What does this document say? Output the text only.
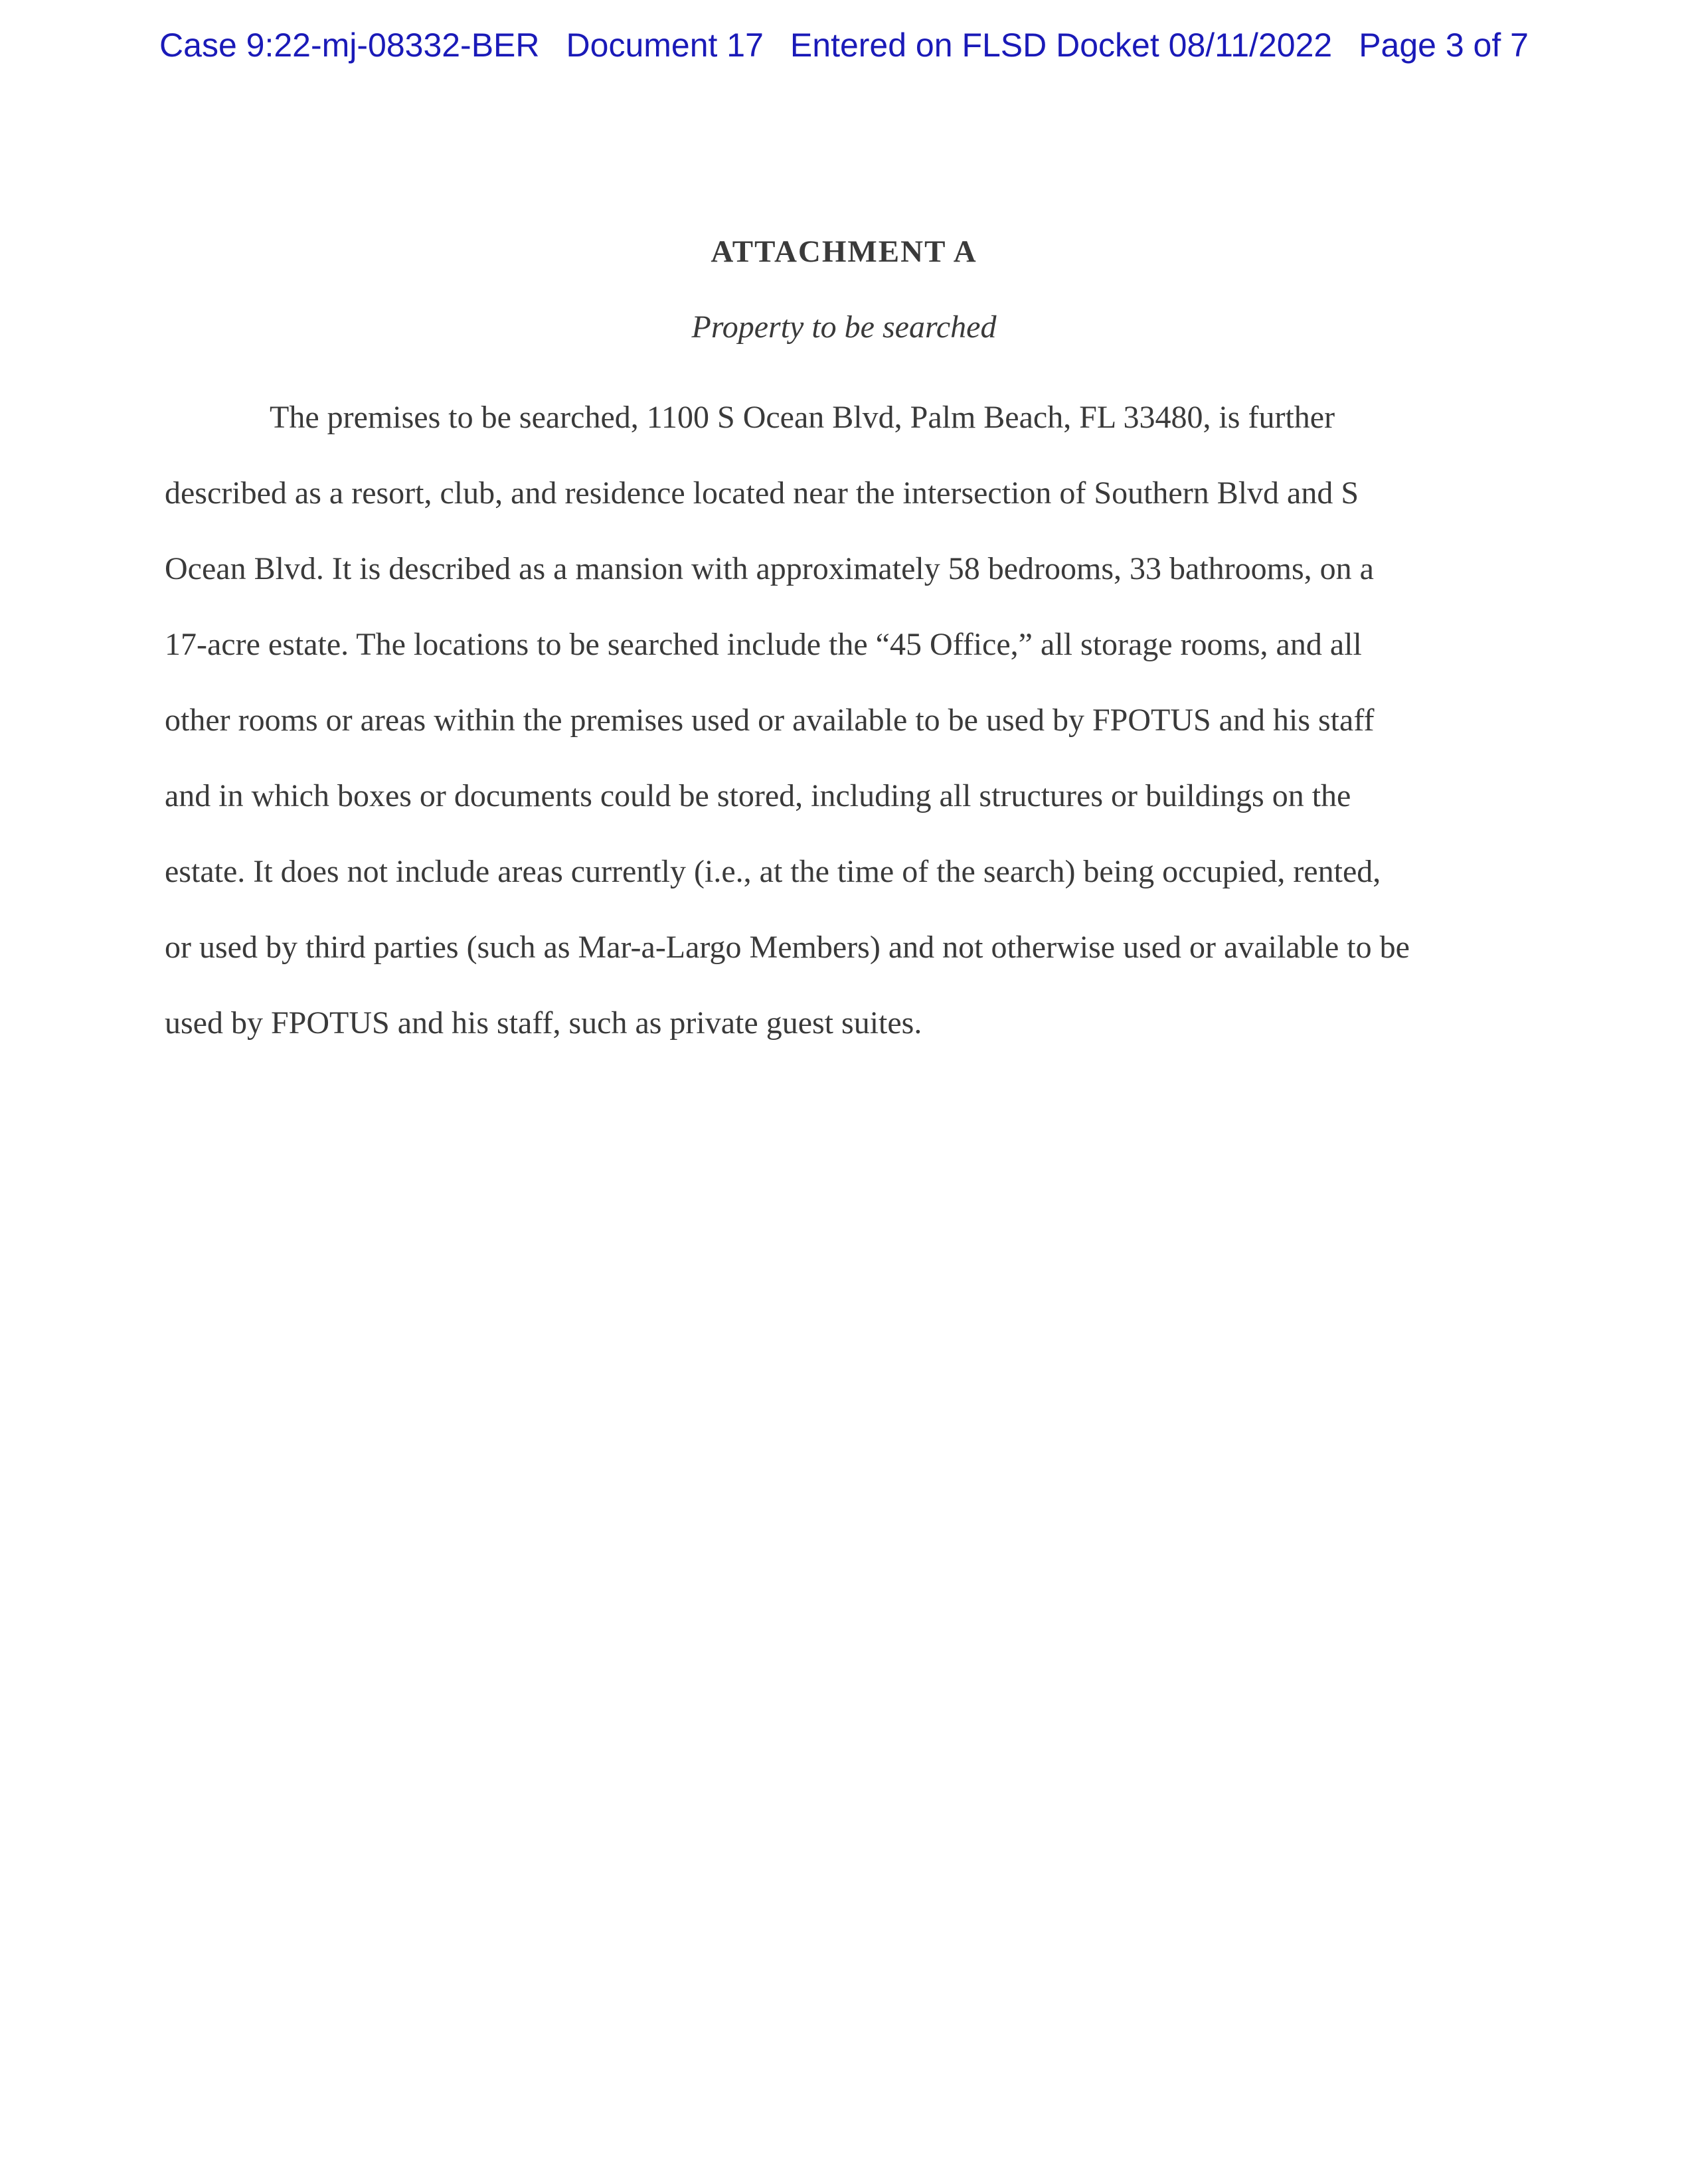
Case 9:22-mj-08332-BER Document 17 Entered on FLSD Docket 08/11/2022 Page 3 of 7
ATTACHMENT A
Property to be searched
The premises to be searched, 1100 S Ocean Blvd, Palm Beach, FL 33480, is further
described as a resort, club, and residence located near the intersection of Southern Blvd and S
Ocean Blvd. It is described as a mansion with approximately 58 bedrooms, 33 bathrooms, on a
17-acre estate. The locations to be searched include the “45 Office,” all storage rooms, and all
other rooms or areas within the premises used or available to be used by FPOTUS and his staff
and in which boxes or documents could be stored, including all structures or buildings on the
estate. It does not include areas currently (i.e., at the time of the search) being occupied, rented,
or used by third parties (such as Mar-a-Largo Members) and not otherwise used or available to be
used by FPOTUS and his staff, such as private guest suites.
